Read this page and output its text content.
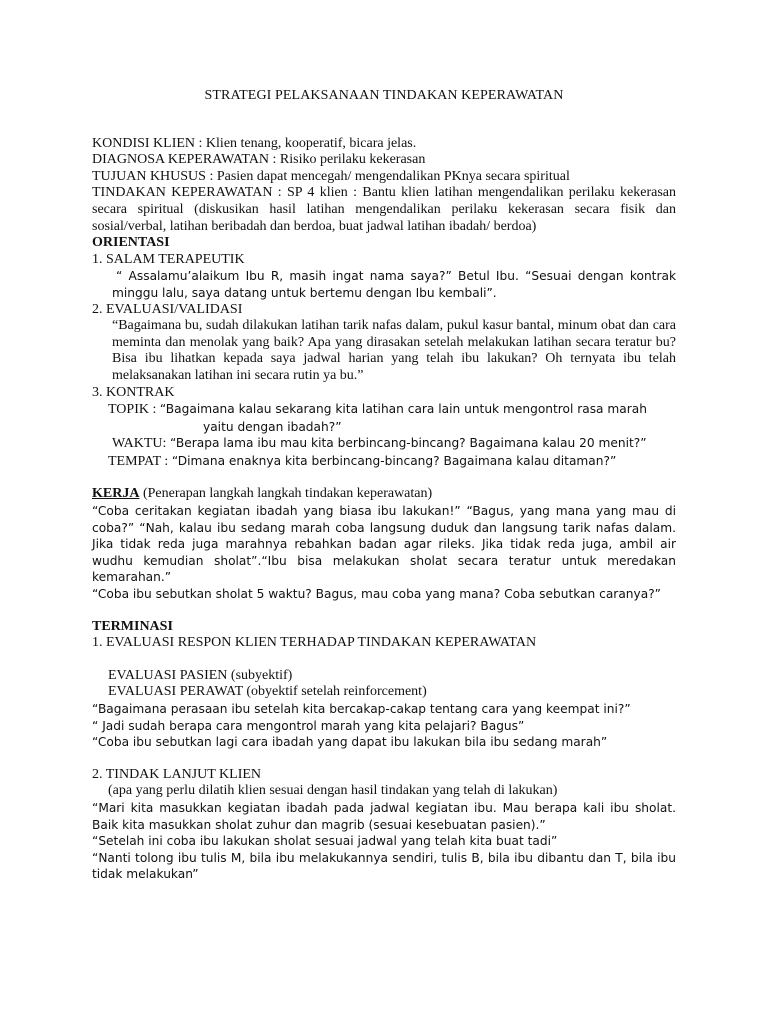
STRATEGI PELAKSANAAN TINDAKAN KEPERAWATAN

KONDISI KLIEN : Klien tenang, kooperatif, bicara jelas.

DIAGNOSA KEPERAWATAN : Risiko perilaku kekerasan

TUJUAN KHUSUS : Pasien dapat mencegah/ mengendalikan PKnya secara spiritual

TINDAKAN KEPERAWATAN : SP 4 klien : Bantu klien latihan mengendalikan perilaku kekerasan secara spiritual (diskusikan hasil latihan mengendalikan perilaku kekerasan secara fisik dan sosial/verbal, latihan beribadah dan berdoa, buat jadwal latihan ibadah/ berdoa)

ORIENTASI

1. SALAM TERAPEUTIK

“ Assalamu’alaikum Ibu R, masih ingat nama saya?” Betul Ibu. “Sesuai dengan kontrak minggu lalu, saya datang untuk bertemu dengan Ibu kembali”.

2. EVALUASI/VALIDASI

“Bagaimana bu, sudah dilakukan latihan tarik nafas dalam, pukul kasur bantal, minum obat dan cara meminta dan menolak yang baik? Apa yang dirasakan setelah melakukan latihan secara teratur bu? Bisa ibu lihatkan kepada saya jadwal harian yang telah ibu lakukan? Oh ternyata ibu telah melaksanakan latihan ini secara rutin ya bu.”

3. KONTRAK

TOPIK : “Bagaimana kalau sekarang kita latihan cara lain untuk mengontrol rasa marah

yaitu dengan ibadah?”

WAKTU: “Berapa lama ibu mau kita berbincang-bincang? Bagaimana kalau 20 menit?”

TEMPAT : “Dimana enaknya kita berbincang-bincang? Bagaimana kalau ditaman?”

KERJA (Penerapan langkah langkah tindakan keperawatan)

“Coba ceritakan kegiatan ibadah yang biasa ibu lakukan!” “Bagus, yang mana yang mau di coba?” “Nah, kalau ibu sedang marah coba langsung duduk dan langsung tarik nafas dalam. Jika tidak reda juga marahnya rebahkan badan agar rileks. Jika tidak reda juga, ambil air wudhu kemudian sholat”.“Ibu bisa melakukan sholat secara teratur untuk meredakan kemarahan.”

“Coba ibu sebutkan sholat 5 waktu? Bagus, mau coba yang mana? Coba sebutkan caranya?”

TERMINASI

1. EVALUASI RESPON KLIEN TERHADAP TINDAKAN KEPERAWATAN

EVALUASI PASIEN (subyektif)

EVALUASI PERAWAT (obyektif setelah reinforcement)

“Bagaimana perasaan ibu setelah kita bercakap-cakap tentang cara yang keempat ini?”

“ Jadi sudah berapa cara mengontrol marah yang kita pelajari? Bagus”

“Coba ibu sebutkan lagi cara ibadah yang dapat ibu lakukan bila ibu sedang marah”

2. TINDAK LANJUT KLIEN

(apa yang perlu dilatih klien sesuai dengan hasil tindakan yang telah di lakukan)

“Mari kita masukkan kegiatan ibadah pada jadwal kegiatan ibu. Mau berapa kali ibu sholat. Baik kita masukkan sholat zuhur dan magrib (sesuai kesebuatan pasien).”

“Setelah ini coba ibu lakukan sholat sesuai jadwal yang telah kita buat tadi”

“Nanti tolong ibu tulis M, bila ibu melakukannya sendiri, tulis B, bila ibu dibantu dan T, bila ibu tidak melakukan”
